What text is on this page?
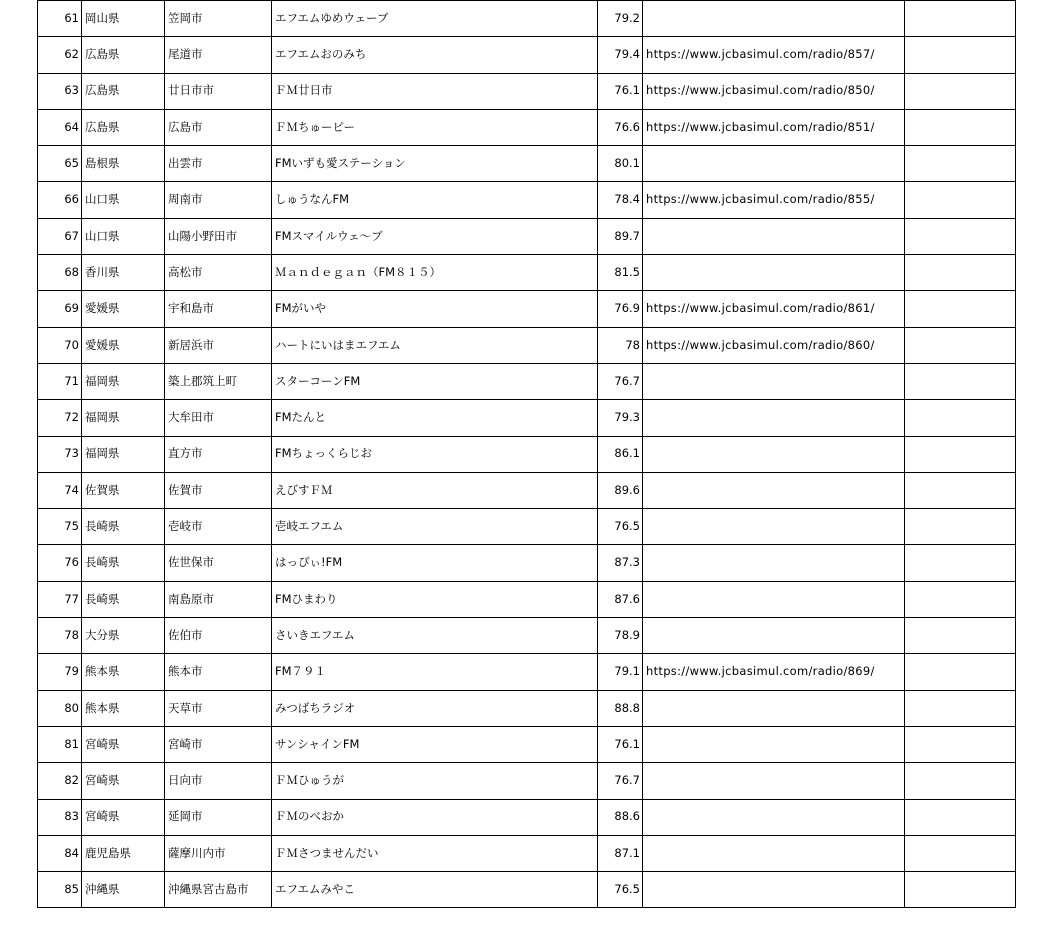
61	岡山県	笠岡市	エフエムゆめウェーブ	79.2		
62	広島県	尾道市	エフエムおのみち	79.4	https://www.jcbasimul.com/radio/857/	
63	広島県	廿日市市	ＦＭ廿日市	76.1	https://www.jcbasimul.com/radio/850/	
64	広島県	広島市	ＦＭちゅーピー	76.6	https://www.jcbasimul.com/radio/851/	
65	島根県	出雲市	FMいずも愛ステーション	80.1		
66	山口県	周南市	しゅうなんFM	78.4	https://www.jcbasimul.com/radio/855/	
67	山口県	山陽小野田市	FMスマイルウェ～ブ	89.7		
68	香川県	高松市	Ｍａｎｄｅｇａｎ（FM８１５）	81.5		
69	愛媛県	宇和島市	FMがいや	76.9	https://www.jcbasimul.com/radio/861/	
70	愛媛県	新居浜市	ハートにいはまエフエム	78	https://www.jcbasimul.com/radio/860/	
71	福岡県	築上郡筑上町	スターコーンFM	76.7		
72	福岡県	大牟田市	FMたんと	79.3		
73	福岡県	直方市	FMちょっくらじお	86.1		
74	佐賀県	佐賀市	えびすＦＭ	89.6		
75	長崎県	壱岐市	壱岐エフエム	76.5		
76	長崎県	佐世保市	はっぴぃ!FM	87.3		
77	長崎県	南島原市	FMひまわり	87.6		
78	大分県	佐伯市	さいきエフエム	78.9		
79	熊本県	熊本市	FM７９１	79.1	https://www.jcbasimul.com/radio/869/	
80	熊本県	天草市	みつばちラジオ	88.8		
81	宮崎県	宮崎市	サンシャインFM	76.1		
82	宮崎県	日向市	ＦＭひゅうが	76.7		
83	宮崎県	延岡市	ＦＭのべおか	88.6		
84	鹿児島県	薩摩川内市	ＦＭさつませんだい	87.1		
85	沖縄県	沖縄県宮古島市	エフエムみやこ	76.5		
